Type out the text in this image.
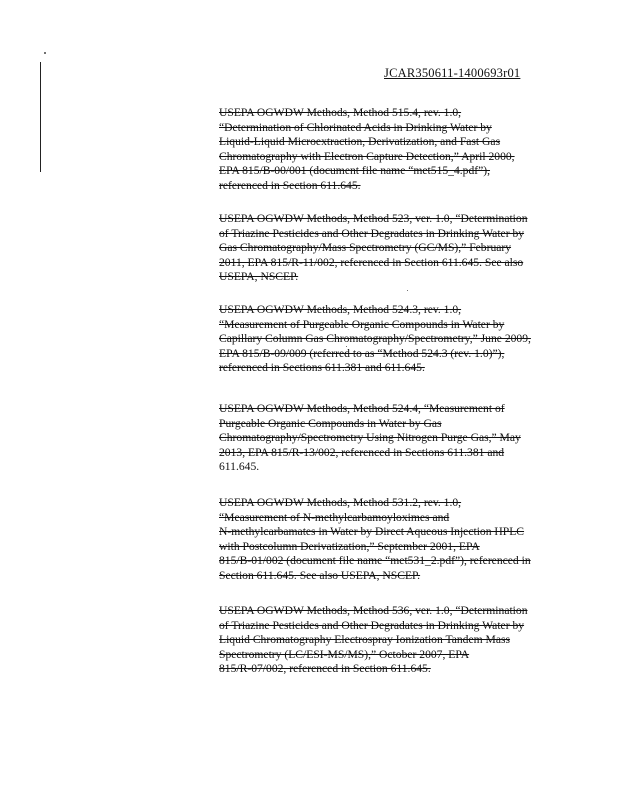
JCAR350611-1400693r01
USEPA OGWDW Methods, Method 515.4, rev. 1.0,
“Determination of Chlorinated Acids in Drinking Water by
Liquid-Liquid Microextraction, Derivatization, and Fast Gas
Chromatography with Electron Capture Detection,” April 2000,
EPA 815/B-00/001 (document file name “met515_4.pdf”),
referenced in Section 611.645.
USEPA OGWDW Methods, Method 523, ver. 1.0, “Determination
of Triazine Pesticides and Other Degradates in Drinking Water by
Gas Chromatography/Mass Spectrometry (GC/MS),” February
2011, EPA 815/R-11/002, referenced in Section 611.645. See also
USEPA, NSCEP.
USEPA OGWDW Methods, Method 524.3, rev. 1.0,
“Measurement of Purgeable Organic Compounds in Water by
Capillary Column Gas Chromatography/Spectrometry,” June 2009,
EPA 815/B-09/009 (referred to as “Method 524.3 (rev. 1.0)”),
referenced in Sections 611.381 and 611.645.
USEPA OGWDW Methods, Method 524.4, “Measurement of
Purgeable Organic Compounds in Water by Gas
Chromatography/Spectrometry Using Nitrogen Purge Gas,” May
2013, EPA 815/R-13/002, referenced in Sections 611.381 and
611.645.
USEPA OGWDW Methods, Method 531.2, rev. 1.0,
“Measurement of N-methylcarbamoyloximes and
N-methylcarbamates in Water by Direct Aqueous Injection HPLC
with Postcolumn Derivatization,” September 2001, EPA
815/B-01/002 (document file name “met531_2.pdf”), referenced in
Section 611.645. See also USEPA, NSCEP.
USEPA OGWDW Methods, Method 536, ver. 1.0, “Determination
of Triazine Pesticides and Other Degradates in Drinking Water by
Liquid Chromatography Electrospray Ionization Tandem Mass
Spectrometry (LC/ESI-MS/MS),” October 2007, EPA
815/R-07/002, referenced in Section 611.645.
